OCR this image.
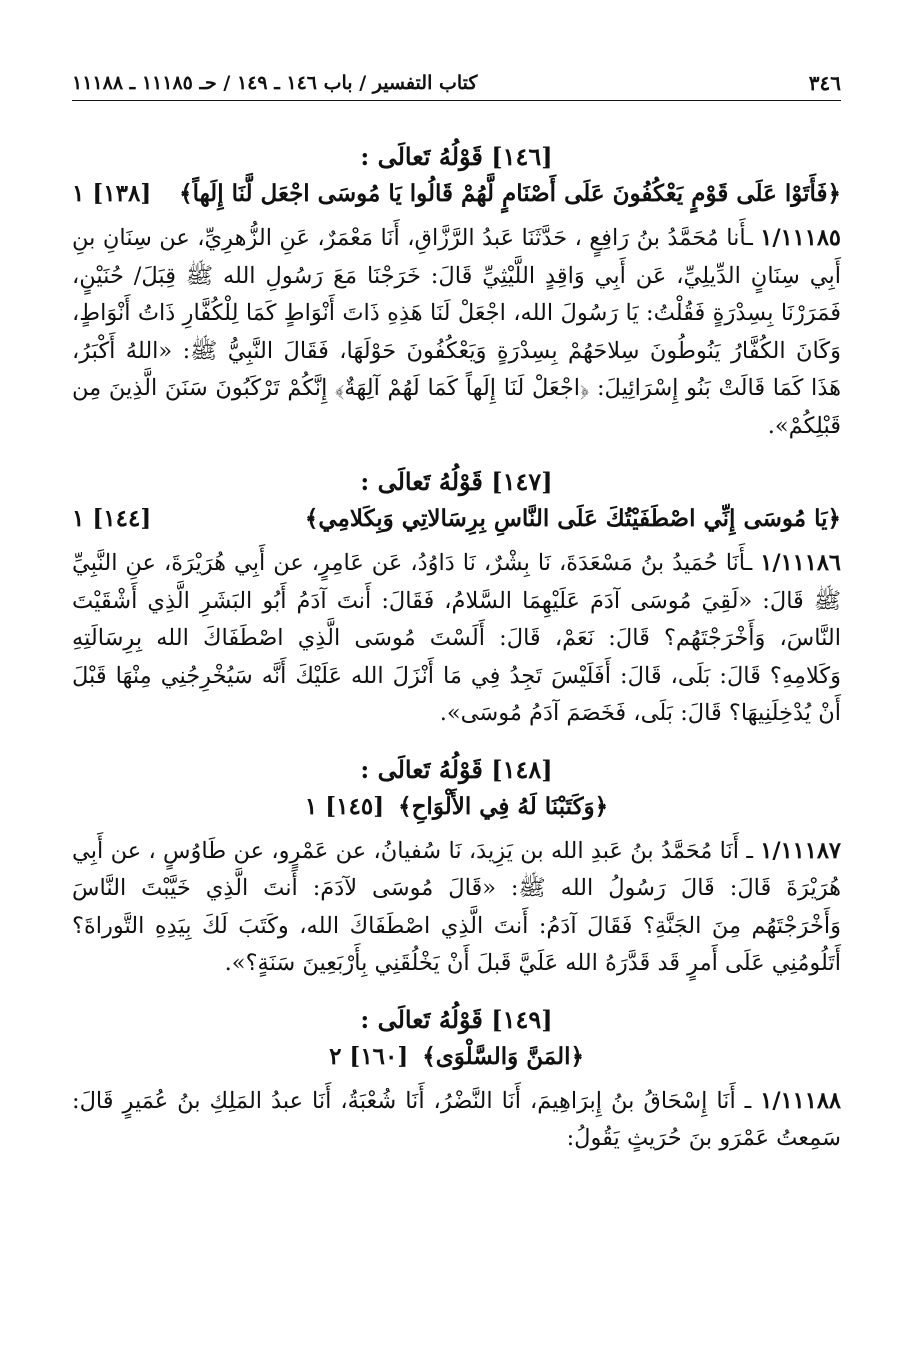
٣٤٦
كتاب التفسير / باب ١٤٦ ـ ١٤٩ / حـ ١١١٨٥ ـ ١١١٨٨

[١٤٦] قَوْلُهُ تَعالَى :

﴿فَأَتَوْا عَلَى قَوْمٍ يَعْكُفُونَ عَلَى أَصْنَامٍ لَّهُمْ قَالُوا يَا مُوسَى اجْعَل لَّنَا إِلَهاً﴾
[١٣٨] ١

١/١١١٨٥ ـأَنا مُحَمَّدُ بنُ رَافِعٍ ، حَدَّثَنَا عَبدُ الرَّزَّاقِ، أَنَا مَعْمَرٌ، عَنِ الزُّهرِيِّ، عن سِنَانِ بنِ أَبِي سِنَانٍ الدِّيلِيِّ، عَن أَبِي وَاقِدٍ اللَّيْثِيِّ قَالَ: خَرَجْنَا مَعَ رَسُولِ الله ﷺ قِبَلَ/ حُنَيْنٍ، فَمَرَرْنَا بِسِدْرَةٍ فَقُلْتُ: يَا رَسُولَ الله، اجْعَلْ لَنَا هَذِهِ ذَاتَ أَنْوَاطٍ كَمَا لِلْكُفَّارِ ذَاتُ أَنْوَاطٍ، وَكَانَ الكُفَّارُ يَنُوطُونَ سِلاحَهُمْ بِسِدْرَةٍ وَيَعْكُفُونَ حَوْلَهَا، فَقَالَ النَّبِيُّ ﷺ: «اللهُ أَكْبَرُ، هَذَا كَمَا قَالَتْ بَنُو إِسْرَائِيلَ: ﴿اجْعَلْ لَنَا إِلَهاً كَمَا لَهُمْ آلِهَةٌ﴾ إِنَّكُمْ تَرْكَبُونَ سَنَنَ الَّذِينَ مِن قَبْلِكُمْ».

[١٤٧] قَوْلُهُ تَعالَى :

﴿يَا مُوسَى إِنِّي اصْطَفَيْتُكَ عَلَى النَّاسِ بِرِسَالاتِي وَبِكَلامِي﴾
[١٤٤] ١

١/١١١٨٦ ـأَنَا حُمَيدُ بنُ مَسْعَدَةَ، نَا بِشْرٌ، نَا دَاوُدُ، عَن عَامِرٍ، عن أَبِي هُرَيْرَةَ، عنِ النَّبِيِّ ﷺ قَالَ: «لَقِيَ مُوسَى آدَمَ عَلَيْهِمَا السَّلامُ، فَقَالَ: أَنتَ آدَمُ أَبُو البَشَرِ الَّذِي أَشْقَيْتَ النَّاسَ، وَأَخْرَجْتَهُم؟ قَالَ: نَعَمْ، قَالَ: أَلَسْتَ مُوسَى الَّذِي اصْطَفَاكَ الله بِرِسَالَتِهِ وَكَلامِهِ؟ قَالَ: بَلَى، قَالَ: أَفَلَيْسَ تَجِدُ فِي مَا أَنْزَلَ الله عَلَيْكَ أَنَّه سَيُخْرِجُنِي مِنْهَا قَبْلَ أَنْ يُدْخِلَنِيهَا؟ قَالَ: بَلَى، فَخَصَمَ آدَمُ مُوسَى».

[١٤٨] قَوْلُهُ تَعالَى :

﴿وَكَتَبْنَا لَهُ فِي الأَلْوَاحِ﴾
[١٤٥] ١

١/١١١٨٧ ـ أَنَا مُحَمَّدُ بنُ عَبدِ الله بن يَزِيدَ، نَا سُفيانُ، عن عَمْرٍو، عن طَاوُسٍ ، عن أَبِي هُرَيْرَةَ قَالَ: قَالَ رَسُولُ الله ﷺ: «قَالَ مُوسَى لآدَمَ: أَنتَ الَّذِي خَيَّبْتَ النَّاسَ وَأَخْرَجْتَهُم مِنَ الجَنَّةِ؟ فَقَالَ آدَمُ: أَنتَ الَّذِي اصْطَفَاكَ الله، وكَتَبَ لَكَ بِيَدِهِ التَّوراةَ؟ أَتَلُومُنِي عَلَى أَمرٍ قَد قَدَّرَهُ الله عَلَيَّ قَبلَ أَنْ يَخْلُقَنِي بِأَرْبَعِينَ سَنَةٍ؟».

[١٤٩] قَوْلُهُ تَعالَى :

﴿المَنَّ وَالسَّلْوَى﴾
[١٦٠] ٢

١/١١١٨٨ ـ أَنَا إِسْحَاقُ بنُ إِبرَاهِيمَ، أَنَا النَّضْرُ، أَنَا شُعْبَةُ، أَنَا عبدُ المَلِكِ بنُ عُمَيرٍ قَالَ: سَمِعتُ عَمْرَو بنَ حُرَيثٍ يَقُولُ:
